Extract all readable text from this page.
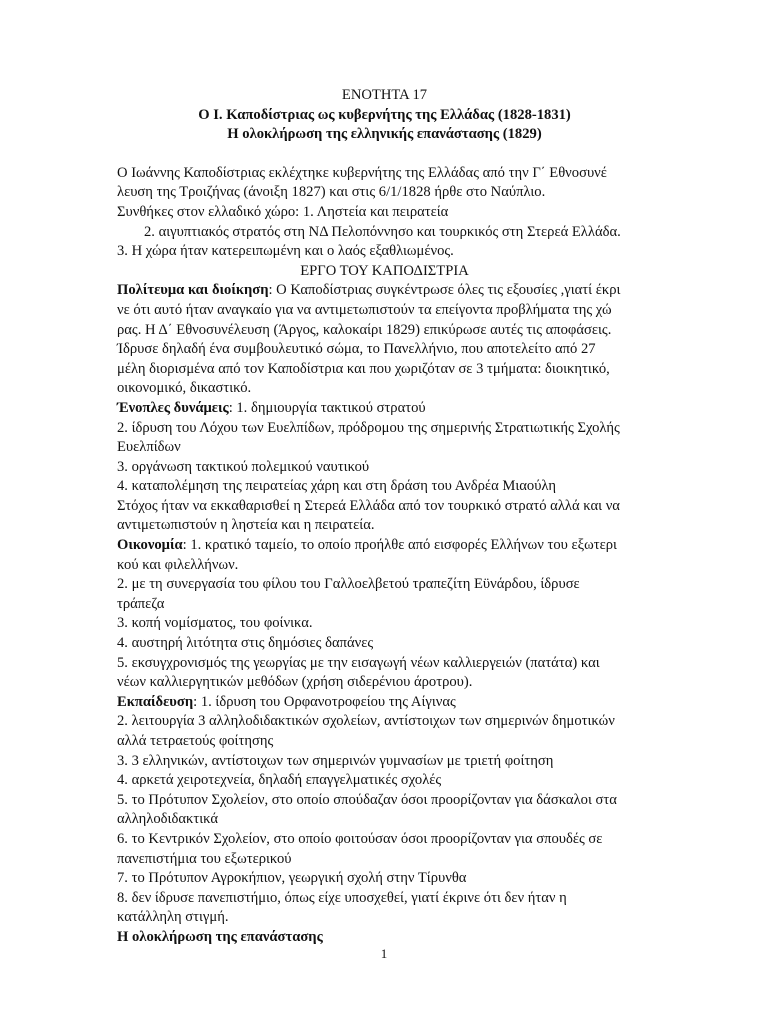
ΕΝΟΤΗΤΑ 17
Ο Ι. Καποδίστριας ως κυβερνήτης της Ελλάδας (1828-1831)
Η ολοκλήρωση της ελληνικής επανάστασης (1829)
Ο Ιωάννης Καποδίστριας εκλέχτηκε κυβερνήτης της Ελλάδας από την Γ΄ Εθνοσυνέ
λευση της Τροιζήνας (άνοιξη 1827) και στις 6/1/1828 ήρθε στο Ναύπλιο.
Συνθήκες στον ελλαδικό χώρο: 1. Ληστεία και πειρατεία
2. αιγυπτιακός στρατός στη ΝΔ Πελοπόννησο και τουρκικός στη Στερεά Ελλάδα.
3. Η χώρα ήταν κατερειπωμένη και ο λαός εξαθλιωμένος.
ΕΡΓΟ ΤΟΥ ΚΑΠΟΔΙΣΤΡΙΑ
Πολίτευμα και διοίκηση: Ο Καποδίστριας συγκέντρωσε όλες τις εξουσίες ,γιατί έκρι
νε ότι αυτό ήταν αναγκαίο για να αντιμετωπιστούν τα επείγοντα προβλήματα της χώ
ρας. Η Δ΄ Εθνοσυνέλευση (Άργος, καλοκαίρι 1829) επικύρωσε αυτές τις αποφάσεις.
Ίδρυσε δηλαδή ένα συμβουλευτικό σώμα, το Πανελλήνιο, που αποτελείτο από 27
μέλη διορισμένα από τον Καποδίστρια και που χωριζόταν σε 3 τμήματα: διοικητικό,
οικονομικό, δικαστικό.
Ένοπλες δυνάμεις: 1. δημιουργία τακτικού στρατού
2. ίδρυση του Λόχου των Ευελπίδων, πρόδρομου της σημερινής Στρατιωτικής Σχολής
Ευελπίδων
3. οργάνωση τακτικού πολεμικού ναυτικού
4. καταπολέμηση της πειρατείας χάρη και στη δράση του Ανδρέα Μιαούλη
Στόχος ήταν να εκκαθαρισθεί η Στερεά Ελλάδα από τον τουρκικό στρατό αλλά και να
αντιμετωπιστούν η ληστεία και η πειρατεία.
Οικονομία: 1. κρατικό ταμείο, το οποίο προήλθε από εισφορές Ελλήνων του εξωτερι
κού και φιλελλήνων.
2. με τη συνεργασία του φίλου του Γαλλοελβετού τραπεζίτη Εϋνάρδου, ίδρυσε
τράπεζα
3. κοπή νομίσματος, του φοίνικα.
4. αυστηρή λιτότητα στις δημόσιες δαπάνες
5. εκσυγχρονισμός της γεωργίας με την εισαγωγή νέων καλλιεργειών (πατάτα) και
νέων καλλιεργητικών μεθόδων (χρήση σιδερένιου άροτρου).
Εκπαίδευση: 1. ίδρυση του Ορφανοτροφείου της Αίγινας
2. λειτουργία 3 αλληλοδιδακτικών σχολείων, αντίστοιχων των σημερινών δημοτικών
αλλά τετραετούς φοίτησης
3. 3 ελληνικών, αντίστοιχων των σημερινών γυμνασίων με τριετή φοίτηση
4. αρκετά χειροτεχνεία, δηλαδή επαγγελματικές σχολές
5. το Πρότυπον Σχολείον, στο οποίο σπούδαζαν όσοι προορίζονταν για δάσκαλοι στα
αλληλοδιδακτικά
6. το Κεντρικόν Σχολείον, στο οποίο φοιτούσαν όσοι προορίζονταν για σπουδές σε
πανεπιστήμια του εξωτερικού
7. το Πρότυπον Αγροκήπιον, γεωργική σχολή στην Τίρυνθα
8. δεν ίδρυσε πανεπιστήμιο, όπως είχε υποσχεθεί, γιατί έκρινε ότι δεν ήταν η
κατάλληλη στιγμή.
Η ολοκλήρωση της επανάστασης
1
